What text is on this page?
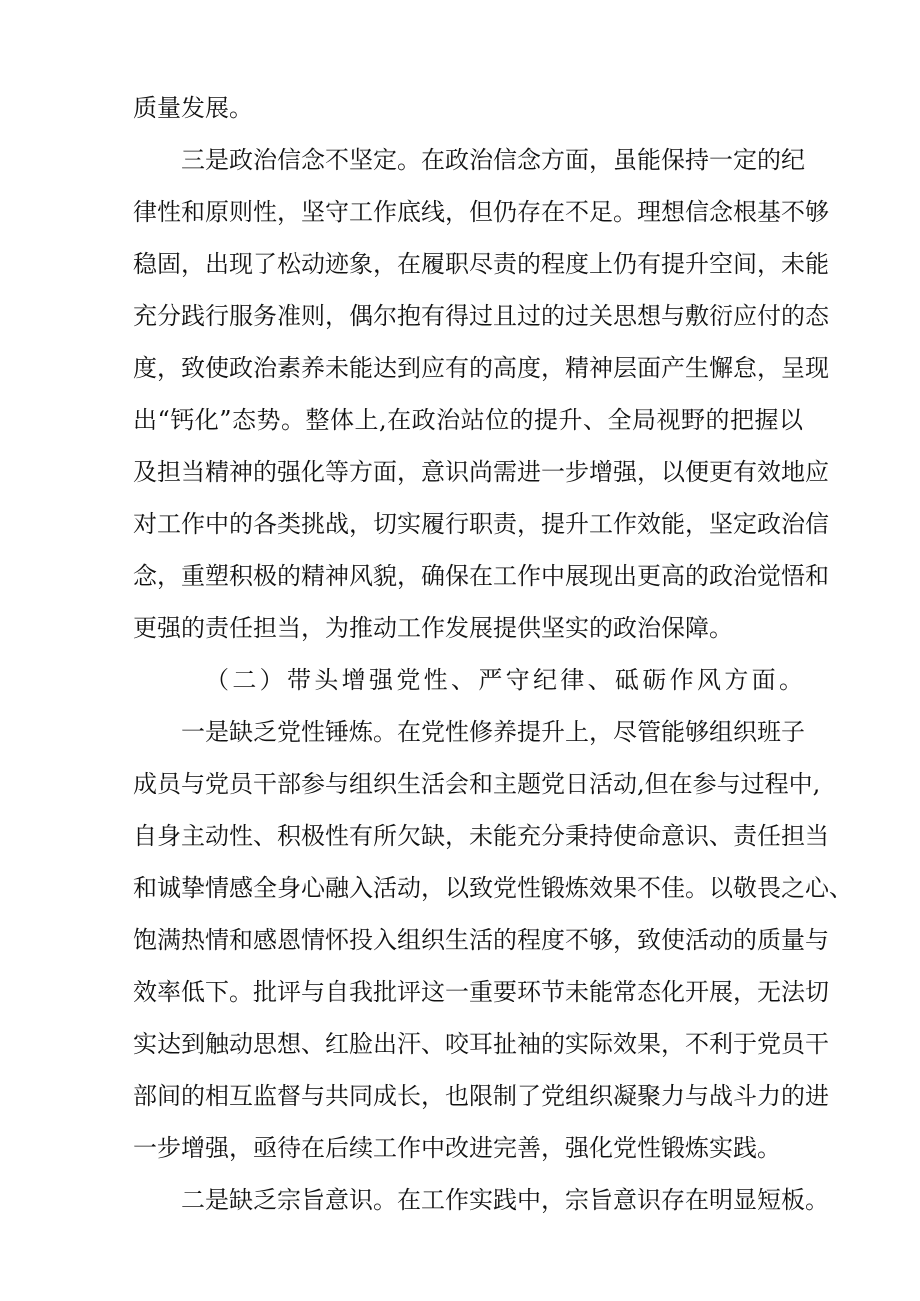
质量发展。
三是政治信念不坚定。在政治信念方面，虽能保持一定的纪
律性和原则性，坚守工作底线，但仍存在不足。理想信念根基不够
稳固，出现了松动迹象，在履职尽责的程度上仍有提升空间，未能
充分践行服务准则，偶尔抱有得过且过的过关思想与敷衍应付的态
度，致使政治素养未能达到应有的高度，精神层面产生懈怠，呈现
出“钙化”态势。整体上,在政治站位的提升、全局视野的把握以
及担当精神的强化等方面，意识尚需进一步增强，以便更有效地应
对工作中的各类挑战，切实履行职责，提升工作效能，坚定政治信
念，重塑积极的精神风貌，确保在工作中展现出更高的政治觉悟和
更强的责任担当，为推动工作发展提供坚实的政治保障。
（二）带头增强党性、严守纪律、砥砺作风方面。
一是缺乏党性锤炼。在党性修养提升上，尽管能够组织班子
成员与党员干部参与组织生活会和主题党日活动,但在参与过程中,
自身主动性、积极性有所欠缺，未能充分秉持使命意识、责任担当
和诚挚情感全身心融入活动，以致党性锻炼效果不佳。以敬畏之心、
饱满热情和感恩情怀投入组织生活的程度不够，致使活动的质量与
效率低下。批评与自我批评这一重要环节未能常态化开展，无法切
实达到触动思想、红脸出汗、咬耳扯袖的实际效果，不利于党员干
部间的相互监督与共同成长，也限制了党组织凝聚力与战斗力的进
一步增强，亟待在后续工作中改进完善，强化党性锻炼实践。
二是缺乏宗旨意识。在工作实践中，宗旨意识存在明显短板。
